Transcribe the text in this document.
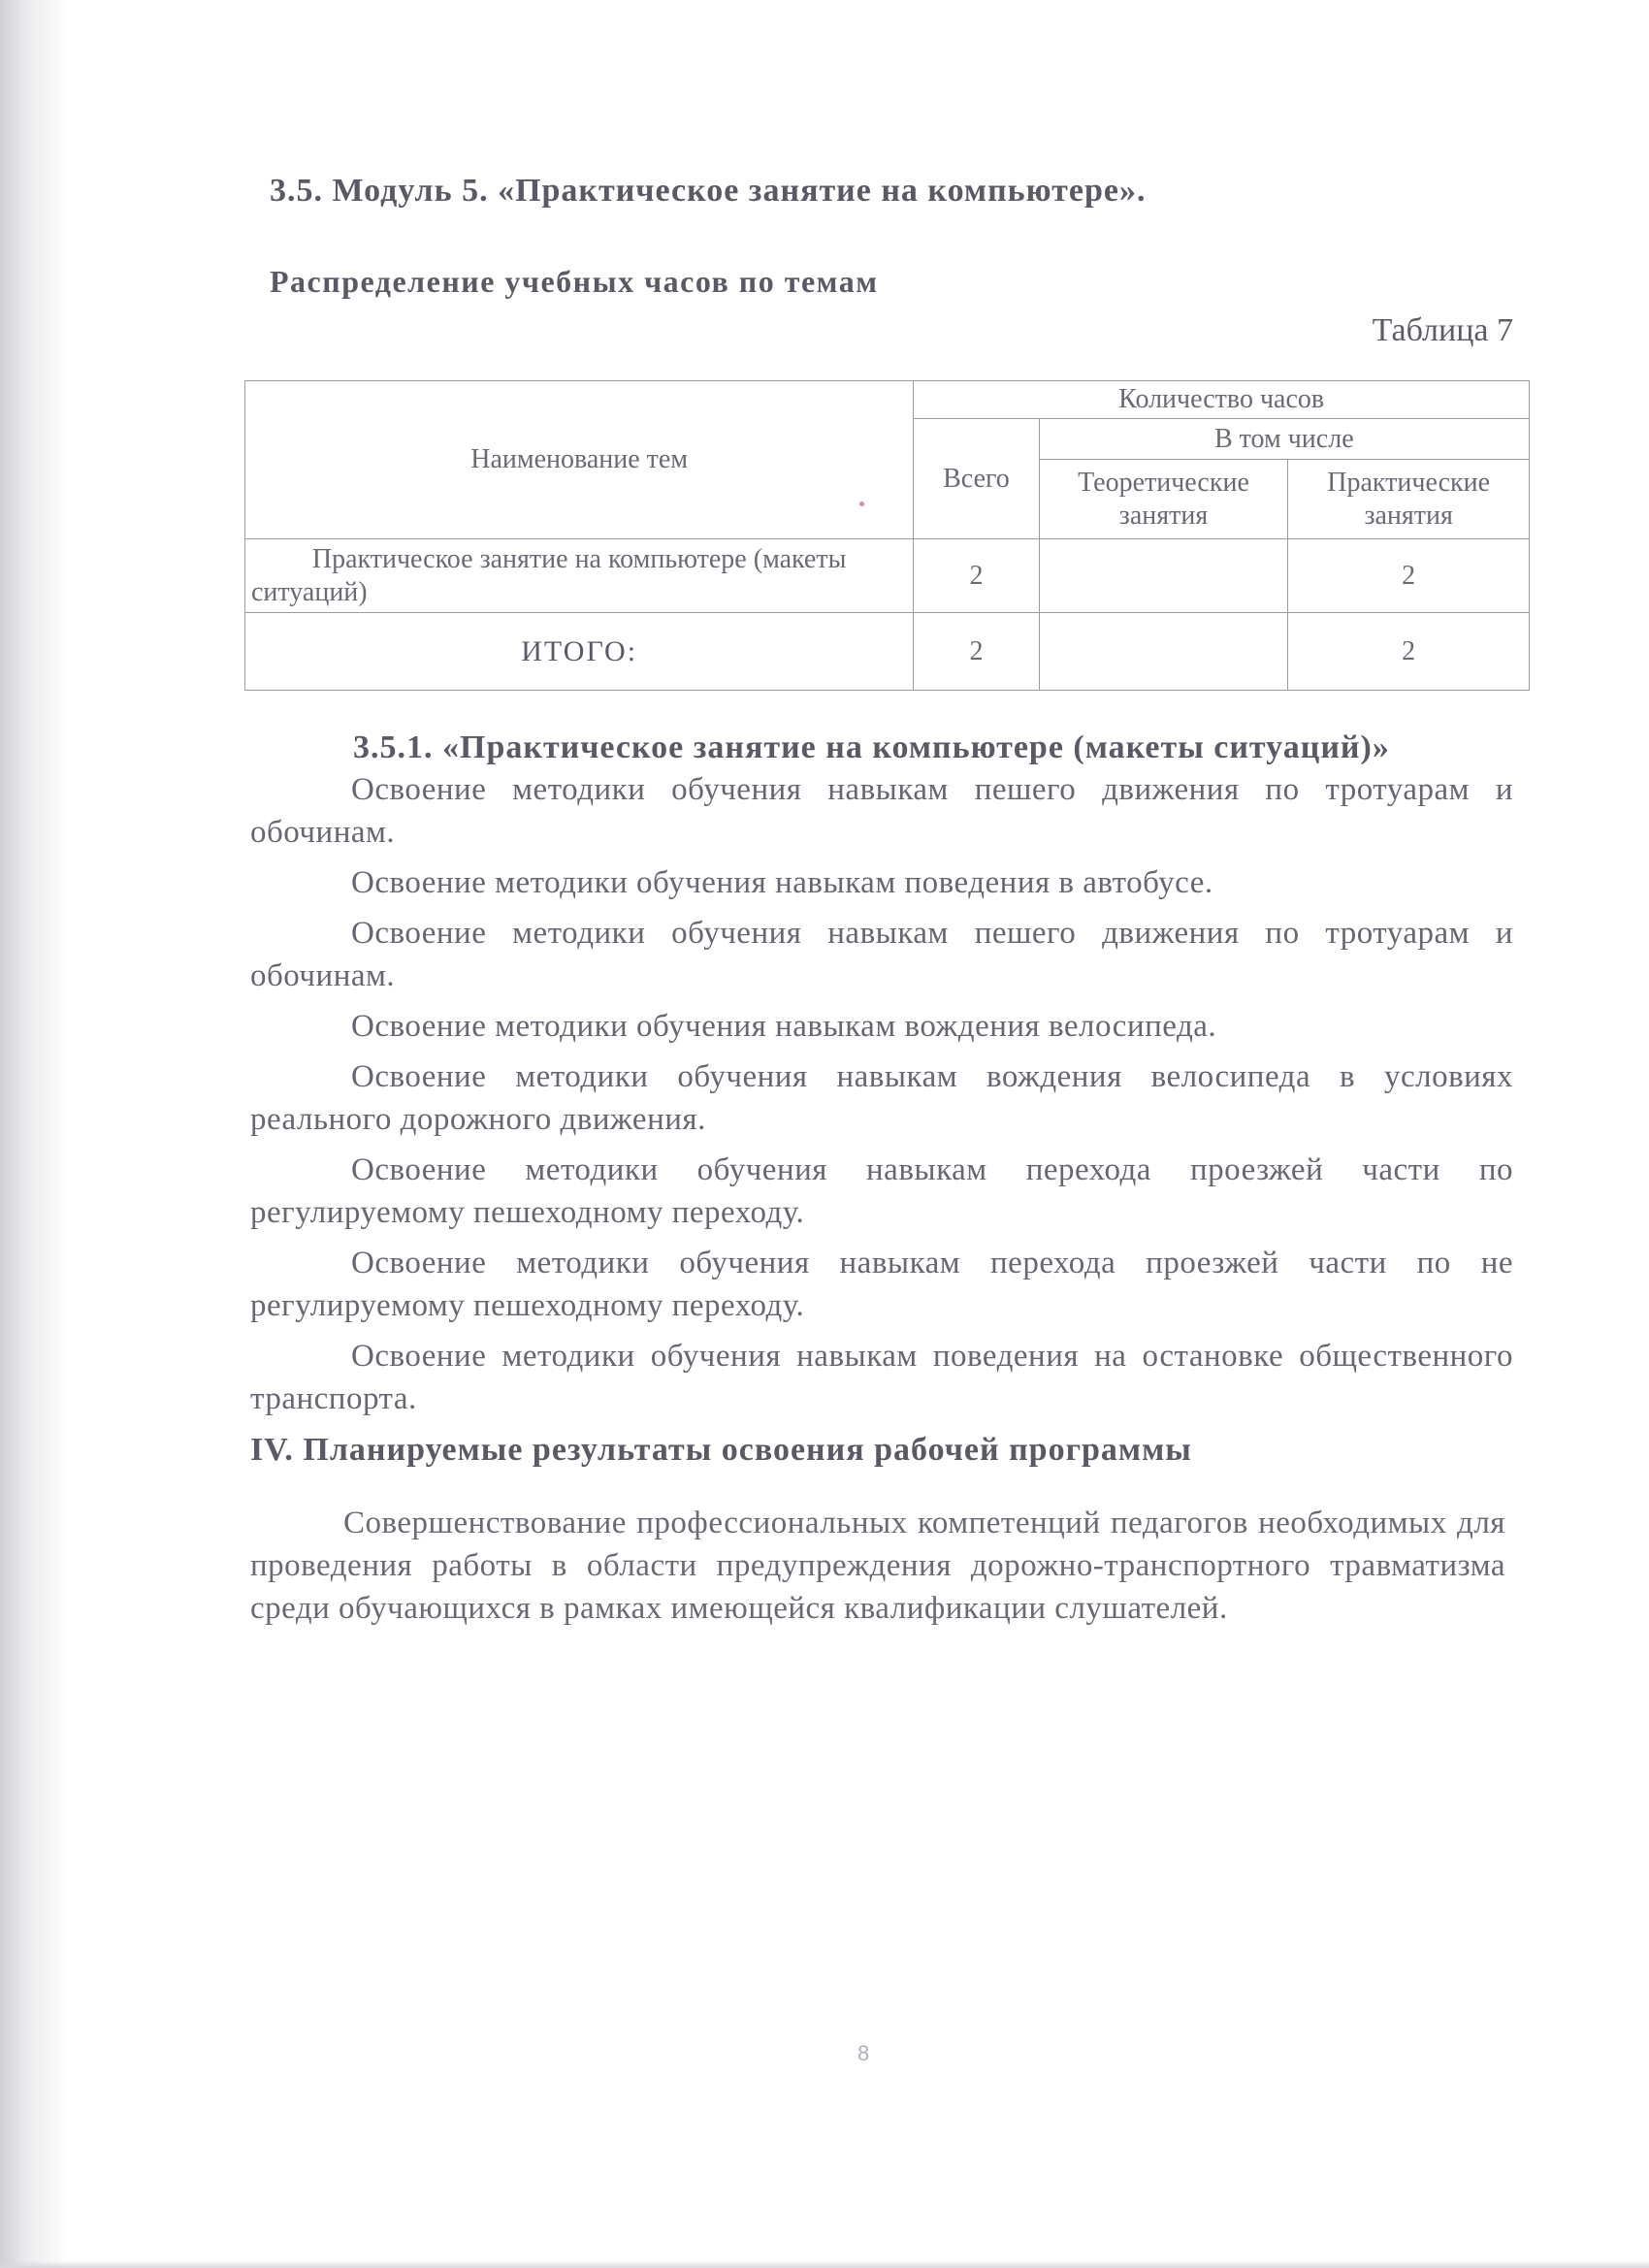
3.5. Модуль 5. «Практическое занятие на компьютере».
Распределение учебных часов по темам
Таблица 7
Наименование тем	Количество часов		
	Всего	В том числе	
		Теоретические занятия	Практические занятия
Практическое занятие на компьютере (макеты ситуаций)	2		2
ИТОГО:	2		2
3.5.1. «Практическое занятие на компьютере (макеты ситуаций)»

Освоение методики обучения навыкам пешего движения по тротуарам и обочинам.

Освоение методики обучения навыкам поведения в автобусе.

Освоение методики обучения навыкам пешего движения по тротуарам и обочинам.

Освоение методики обучения навыкам вождения велосипеда.

Освоение методики обучения навыкам вождения велосипеда в условиях реального дорожного движения.

Освоение методики обучения навыкам перехода проезжей части по регулируемому пешеходному переходу.

Освоение методики обучения навыкам перехода проезжей части по не регулируемому пешеходному переходу.

Освоение методики обучения навыкам поведения на остановке общественного транспорта.

IV. Планируемые результаты освоения рабочей программы

Совершенствование профессиональных компетенций педагогов необходимых для проведения работы в области предупреждения дорожно-транспортного травматизма среди обучающихся в рамках имеющейся квалификации слушателей.

8
